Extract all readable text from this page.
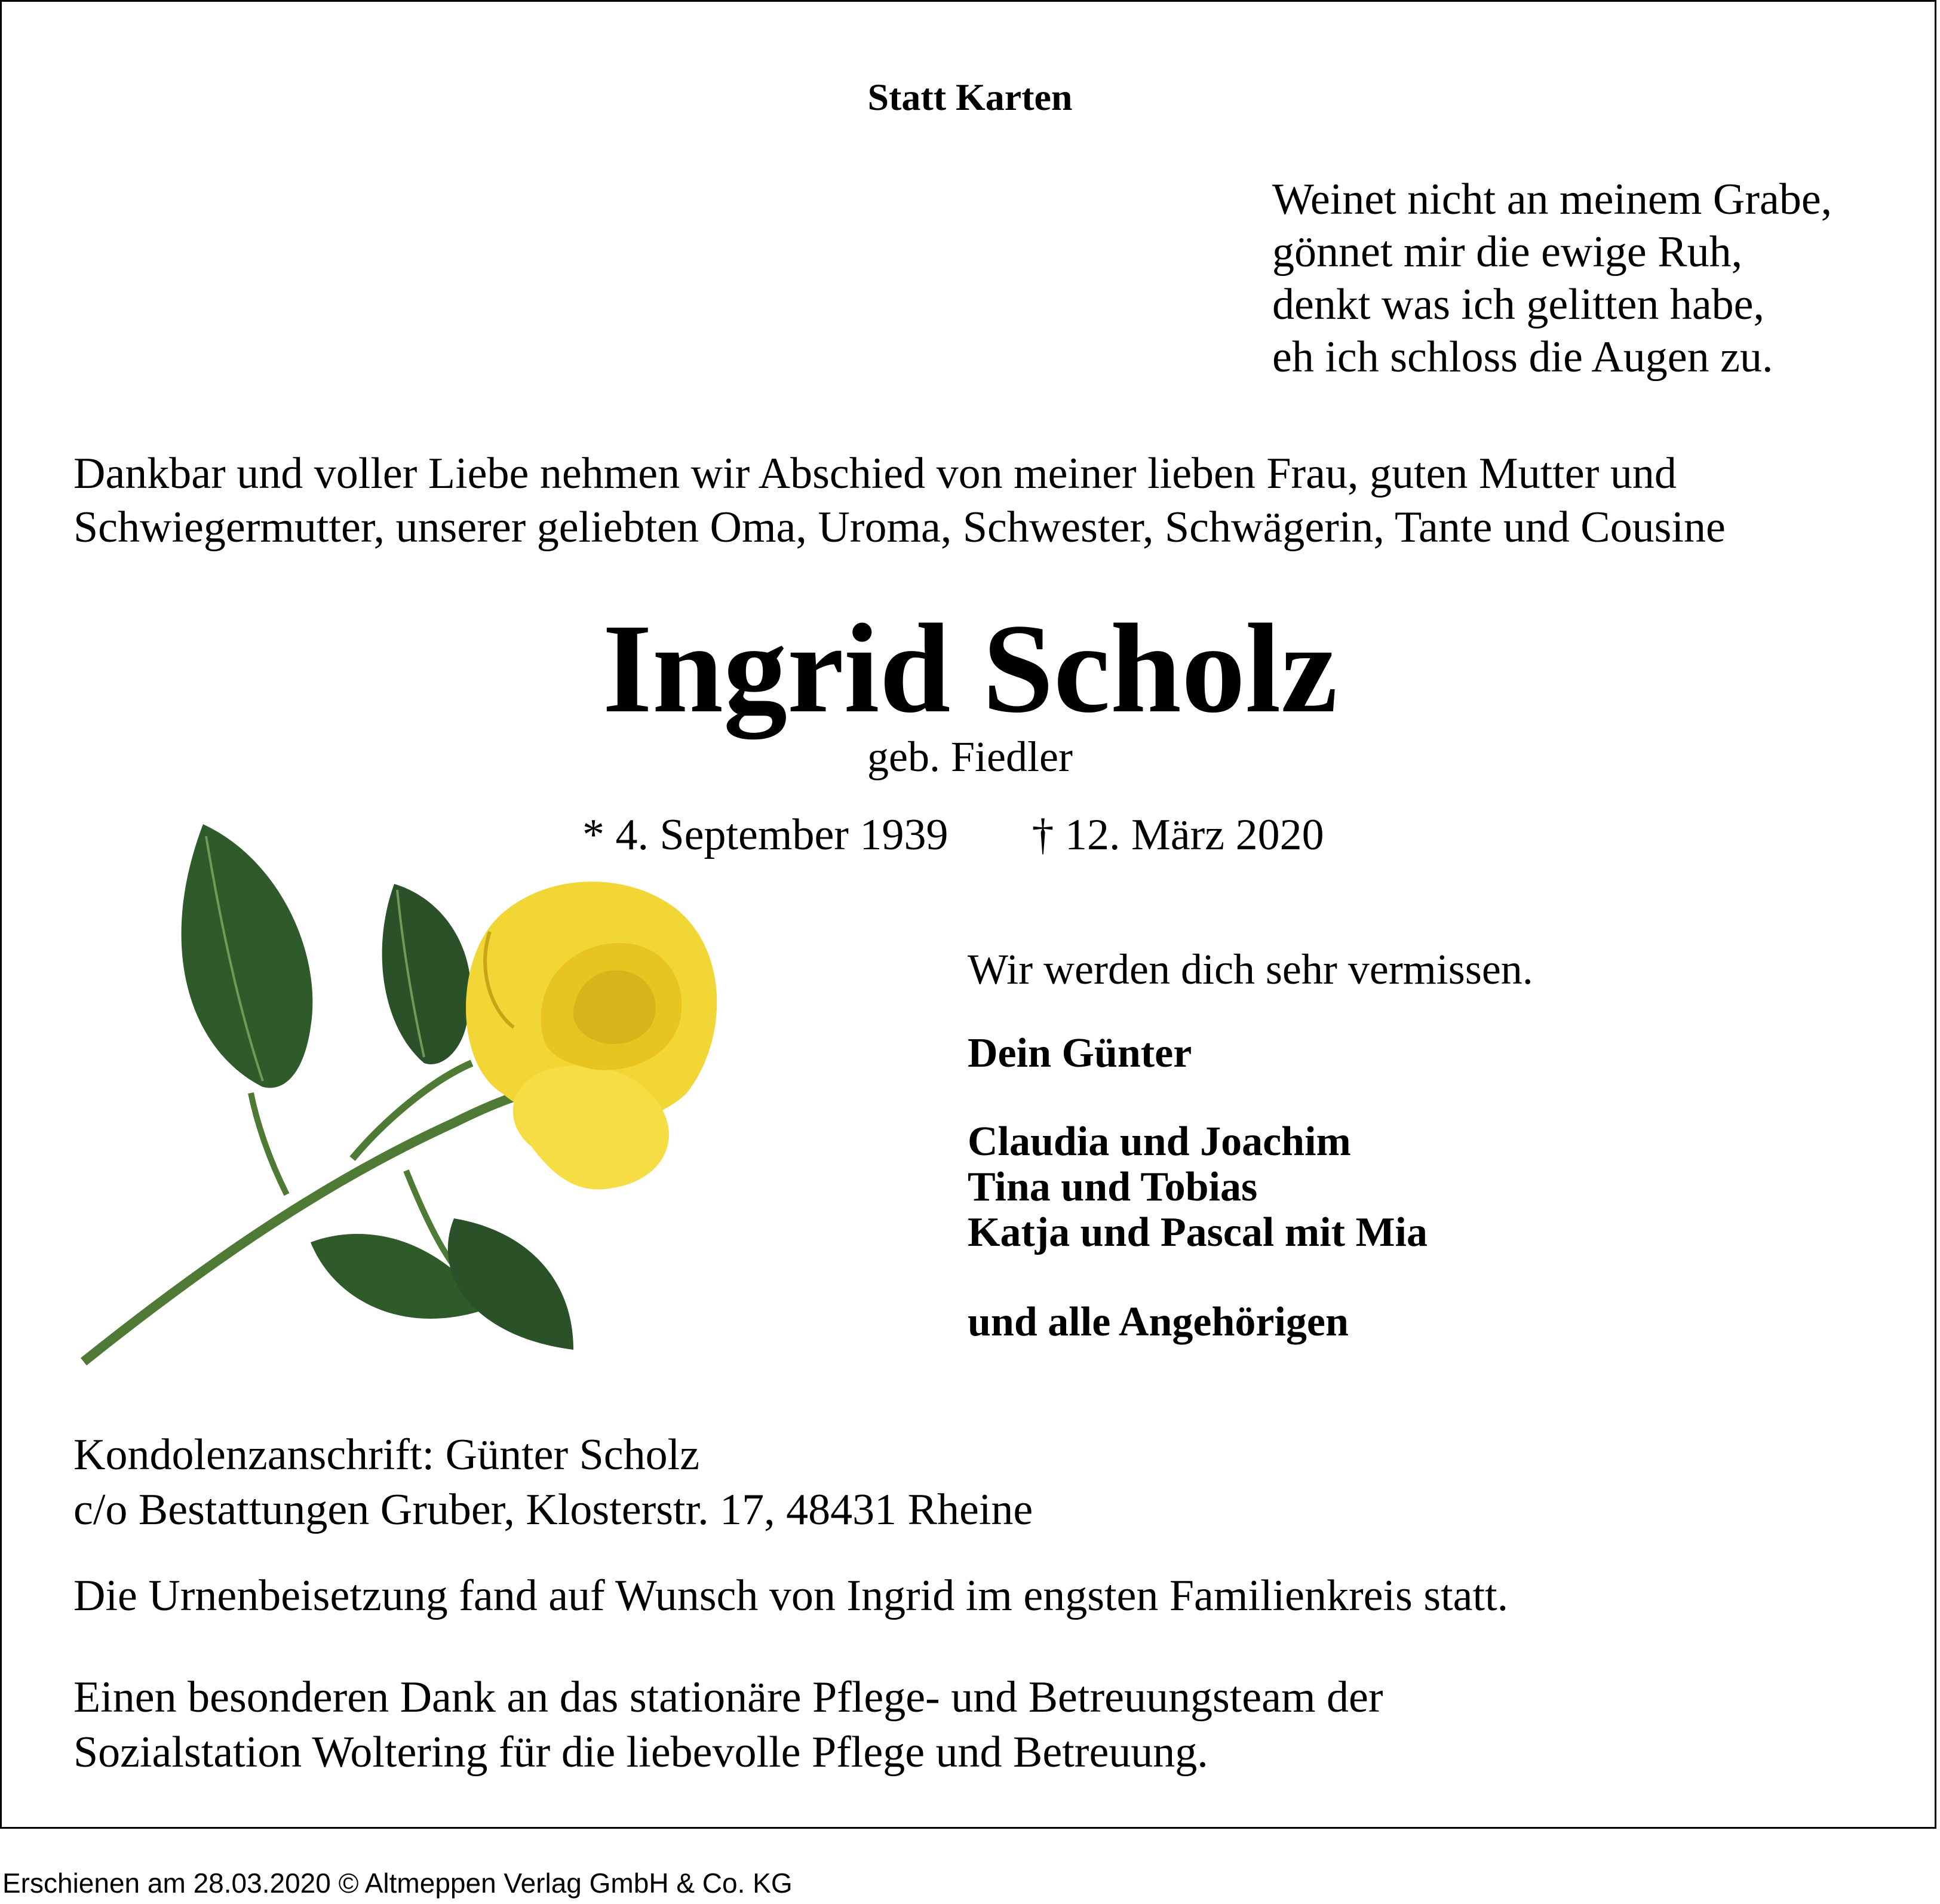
Statt Karten
Weinet nicht an meinem Grabe,
gönnet mir die ewige Ruh,
denkt was ich gelitten habe,
eh ich schloss die Augen zu.
Dankbar und voller Liebe nehmen wir Abschied von meiner lieben Frau, guten Mutter und
Schwiegermutter, unserer geliebten Oma, Uroma, Schwester, Schwägerin, Tante und Cousine
Ingrid Scholz
geb. Fiedler
* 4. September 1939 † 12. März 2020
Wir werden dich sehr vermissen.
Dein Günter
Claudia und Joachim
Tina und Tobias
Katja und Pascal mit Mia
und alle Angehörigen
Kondolenzanschrift: Günter Scholz
c/o Bestattungen Gruber, Klosterstr. 17, 48431 Rheine
Die Urnenbeisetzung fand auf Wunsch von Ingrid im engsten Familienkreis statt.
Einen besonderen Dank an das stationäre Pflege- und Betreuungsteam der
Sozialstation Woltering für die liebevolle Pflege und Betreuung.
Erschienen am 28.03.2020 © Altmeppen Verlag GmbH & Co. KG
